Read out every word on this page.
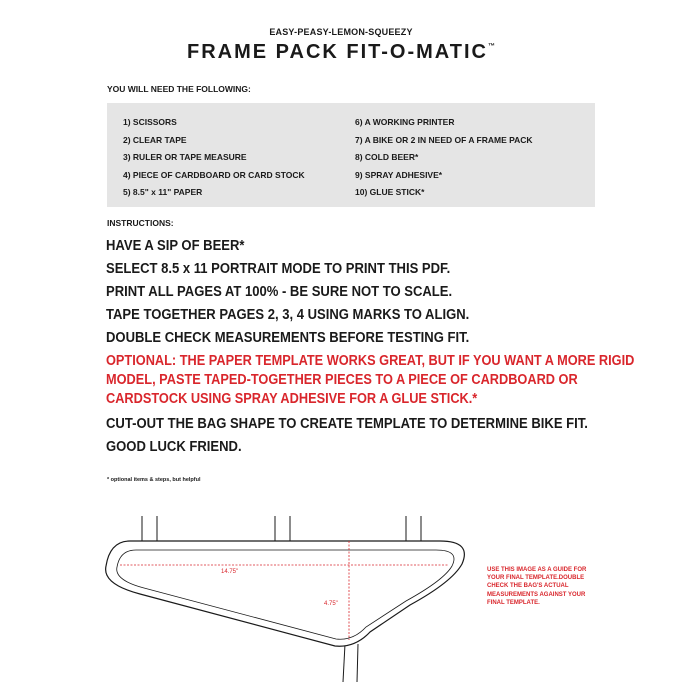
EASY-PEASY-LEMON-SQUEEZY
FRAME PACK FIT-O-MATIC™
YOU WILL NEED THE FOLLOWING:
1) SCISSORS
2) CLEAR TAPE
3) RULER OR TAPE MEASURE
4) PIECE OF CARDBOARD OR CARD STOCK
5) 8.5" x 11" PAPER
6) A WORKING PRINTER
7) A BIKE OR 2 IN NEED OF A FRAME PACK
8) COLD BEER*
9) SPRAY ADHESIVE*
10) GLUE STICK*
INSTRUCTIONS:
HAVE A SIP OF BEER*
SELECT 8.5 x 11 PORTRAIT MODE TO PRINT THIS PDF.
PRINT ALL PAGES AT 100% - BE SURE NOT TO SCALE.
TAPE TOGETHER PAGES 2, 3, 4 USING MARKS TO ALIGN.
DOUBLE CHECK MEASUREMENTS BEFORE TESTING FIT.
OPTIONAL: THE PAPER TEMPLATE WORKS GREAT, BUT IF YOU WANT A MORE RIGID MODEL, PASTE TAPED-TOGETHER PIECES TO A PIECE OF CARDBOARD OR CARDSTOCK USING SPRAY ADHESIVE FOR A GLUE STICK.*
CUT-OUT THE BAG SHAPE TO CREATE TEMPLATE TO DETERMINE BIKE FIT.
GOOD LUCK FRIEND.
* optional items & steps, but helpful
14.75"
4.75"
USE THIS IMAGE AS A GUIDE FOR YOUR FINAL TEMPLATE.DOUBLE CHECK THE BAG'S ACTUAL MEASUREMENTS AGAINST YOUR FINAL TEMPLATE.
